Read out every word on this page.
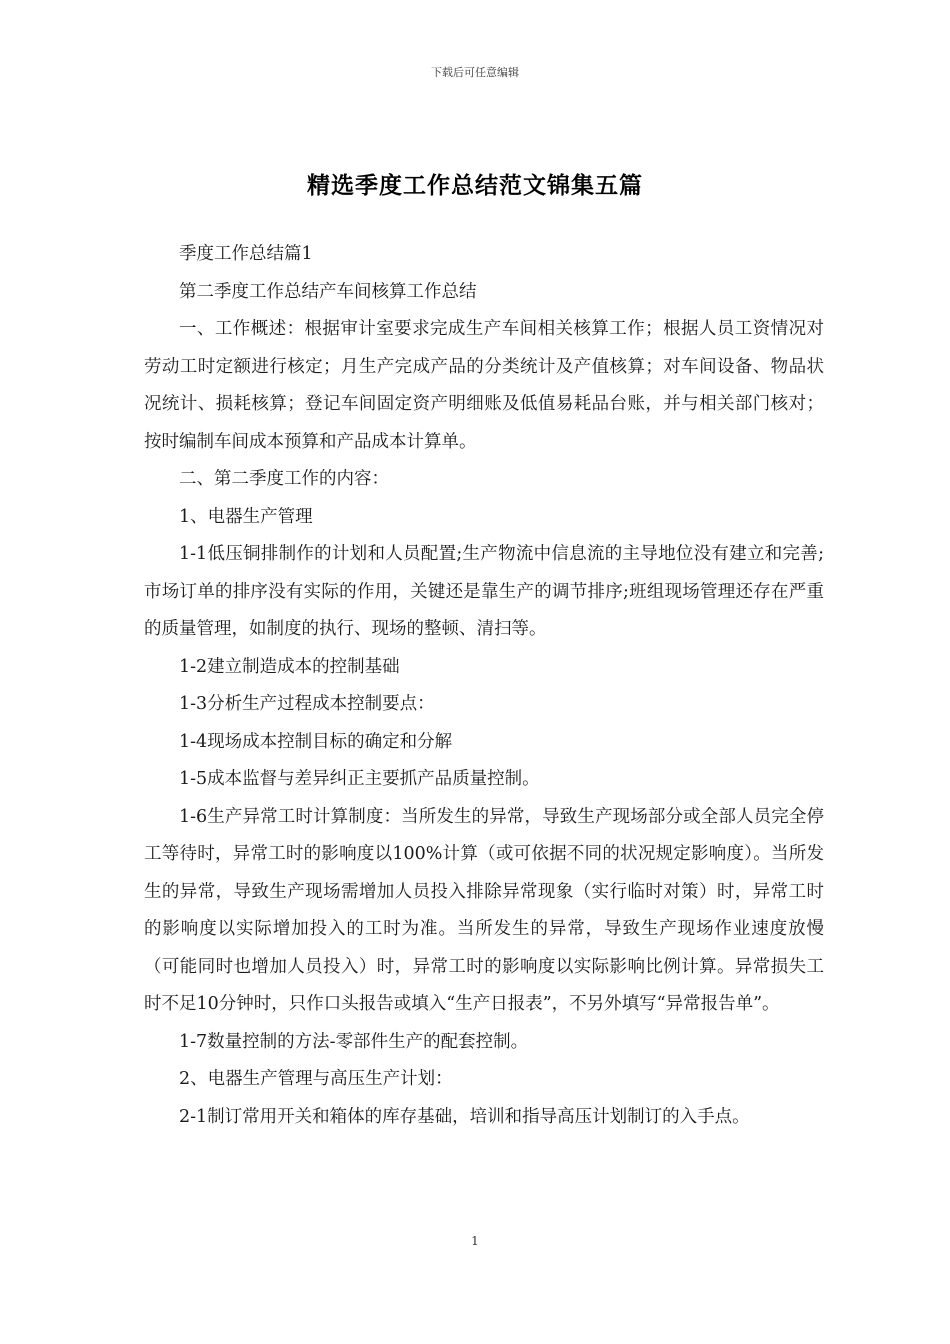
下载后可任意编辑
精选季度工作总结范文锦集五篇

季度工作总结篇1

第二季度工作总结产车间核算工作总结

一、工作概述：根据审计室要求完成生产车间相关核算工作；根据人员工资情况对劳动工时定额进行核定；月生产完成产品的分类统计及产值核算；对车间设备、物品状况统计、损耗核算；登记车间固定资产明细账及低值易耗品台账，并与相关部门核对；按时编制车间成本预算和产品成本计算单。

二、第二季度工作的内容：

1、电器生产管理

1-1低压铜排制作的计划和人员配置;生产物流中信息流的主导地位没有建立和完善;市场订单的排序没有实际的作用，关键还是靠生产的调节排序;班组现场管理还存在严重的质量管理，如制度的执行、现场的整顿、清扫等。

1-2建立制造成本的控制基础

1-3分析生产过程成本控制要点：

1-4现场成本控制目标的确定和分解

1-5成本监督与差异纠正主要抓产品质量控制。

1-6生产异常工时计算制度：当所发生的异常，导致生产现场部分或全部人员完全停工等待时，异常工时的影响度以100%计算（或可依据不同的状况规定影响度）。当所发生的异常，导致生产现场需增加人员投入排除异常现象（实行临时对策）时，异常工时的影响度以实际增加投入的工时为准。当所发生的异常，导致生产现场作业速度放慢（可能同时也增加人员投入）时，异常工时的影响度以实际影响比例计算。异常损失工时不足10分钟时，只作口头报告或填入“生产日报表”，不另外填写“异常报告单”。

1-7数量控制的方法-零部件生产的配套控制。

2、电器生产管理与高压生产计划：

2-1制订常用开关和箱体的库存基础，培训和指导高压计划制订的入手点。

1
